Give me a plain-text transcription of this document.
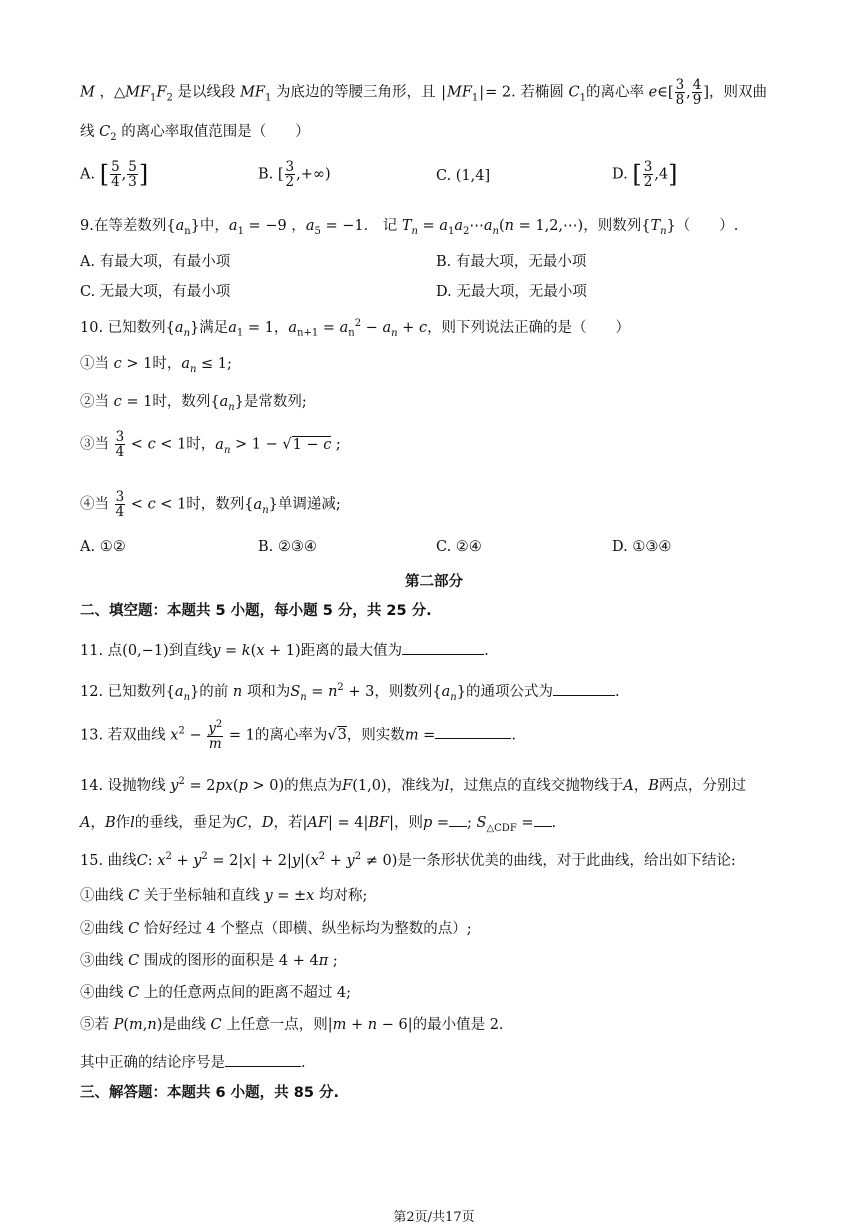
M ，$\triangle MF_1F_2$ 是以线段 $MF_1$ 为底边的等腰三角形，且 $|MF_1|= 2$. 若椭圆 $C_1$的离心率 e∈[ $\frac{3}{8}$ , $\frac{4}{9}$ ]，则双曲
线 $C_2$ 的离心率取值范围是（　　）
A. [ $\frac{5}{4}$ , $\frac{5}{3}$ ]	B. [ $\frac{3}{2}$ ,+∞)	C. (1,4]	D. [ $\frac{3}{2} ,4$]
9.在等差数列$\{a_n\}$中，$a_1 = -9$ ，$a_5 = -1$． 记 $T_n$ = $a_1a_2\cdots a_n(n$ = 1,2,⋯)，则数列$\{T_n\}$（　　）.
A. 有最大项，有最小项	B. 有最大项，无最小项
C. 无最大项，有最小项	D. 无最大项，无最小项
10. 已知数列$\{a_n\}$满足$a_1 = 1$，$a_{n+1} = a_n^2 - a_n + c$，则下列说法正确的是（　　）
①当 c > 1时，$a_n \le 1$;
②当 c = 1时，数列$\{a_n\}$是常数列;
③当 $\frac{3}{4} < c < 1$时，$a_n > 1 - √1 - c$ ;
④当 $\frac{3}{4} < c < 1$时，数列$\{a_n\}$单调递减;
A. ①②	B. ②③④	C. ②④	D. ①③④
第二部分
二、填空题：本题共 5 小题，每小题 5 分，共 25 分.
11. 点(0,−1)到直线y = k(x + 1)距离的最大值为	.
12. 已知数列$\{a_n\}$的前 n 项和为$S_n = n^2 + 3$，则数列$\{a_n\}$的通项公式为	.
13. 若双曲线 $x^2 - \frac{y^2}{m} = 1$的离心率为√3，则实数m =	.
14. 设抛物线 $y^2 = 2px(p > 0)$的焦点为F(1,0)，准线为l，过焦点的直线交抛物线于A，B两点，分别过
A，B作l的垂线，垂足为C，D，若|AF| = 4|BF|，则p = ; $S_{\triangle CDF}$ = .
15. 曲线C: $x^2 + y^2 = 2|x| + 2|y|(x^2 + y^2 \ne 0)$是一条形状优美的曲线，对于此曲线，给出如下结论:
①曲线 C 关于坐标轴和直线 y = ±x 均对称;
②曲线 C 恰好经过 4 个整点（即横、纵坐标均为整数的点）;
③曲线 C 围成的图形的面积是 4 + 4π ;
④曲线 C 上的任意两点间的距离不超过 4;
⑤若 P(m,n)是曲线 C 上任意一点，则|m + n − 6|的最小值是 2.
其中正确的结论序号是	.
三、解答题：本题共 6 小题，共 85 分.
第2页/共17页
